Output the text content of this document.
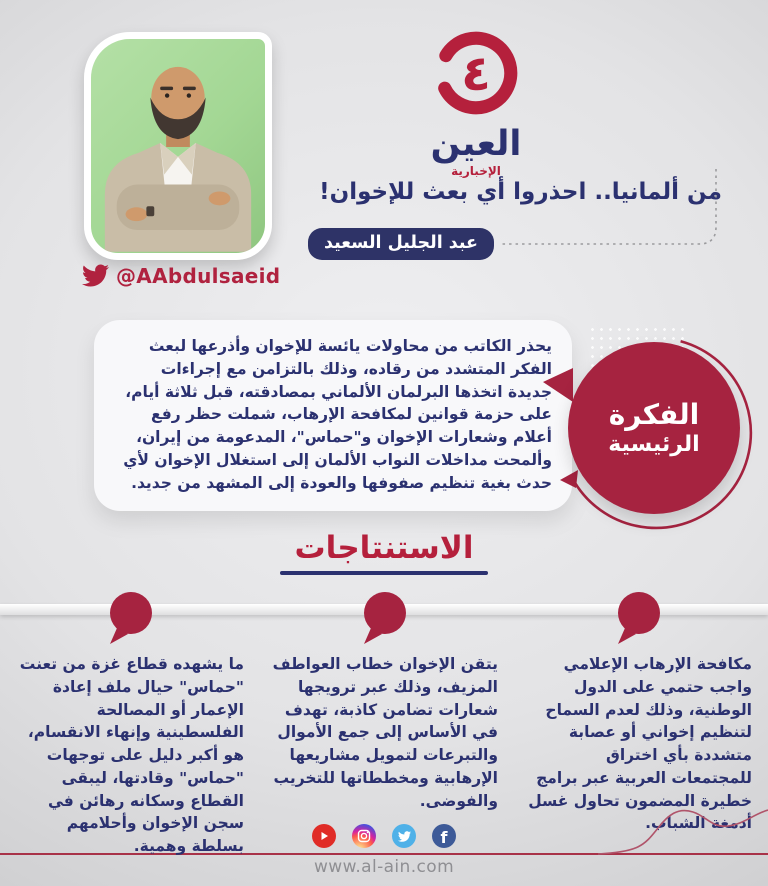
٤
العين
الإخبارية
من ألمانيا.. احذروا أي بعث للإخوان!
عبد الجليل السعيد
@AAbdulsaeid
يحذر الكاتب من محاولات يائسة للإخوان وأذرعها لبعث الفكر المتشدد من رقاده، وذلك بالتزامن مع إجراءات جديدة اتخذها البرلمان الألماني بمصادقته، قبل ثلاثة أيام، على حزمة قوانين لمكافحة الإرهاب، شملت حظر رفع أعلام وشعارات الإخوان و"حماس"، المدعومة من إيران، وألمحت مداخلات النواب الألمان إلى استغلال الإخوان لأي حدث بغية تنظيم صفوفها والعودة إلى المشهد من جديد.
الفكرة
الرئيسية
الاستنتاجات
مكافحة الإرهاب الإعلامي واجب حتمي على الدول الوطنية، وذلك لعدم السماح لتنظيم إخواني أو عصابة متشددة بأي اختراق للمجتمعات العربية عبر برامج خطيرة المضمون تحاول غسل أدمغة الشباب.
يتقن الإخوان خطاب العواطف المزيف، وذلك عبر ترويجها شعارات تضامن كاذبة، تهدف في الأساس إلى جمع الأموال والتبرعات لتمويل مشاريعها الإرهابية ومخططاتها للتخريب والفوضى.
ما يشهده قطاع غزة من تعنت "حماس" حيال ملف إعادة الإعمار أو المصالحة الفلسطينية وإنهاء الانقسام، هو أكبر دليل على توجهات "حماس" وقادتها، ليبقى القطاع وسكانه رهائن في سجن الإخوان وأحلامهم بسلطة وهمية.	f
www.al-ain.com
